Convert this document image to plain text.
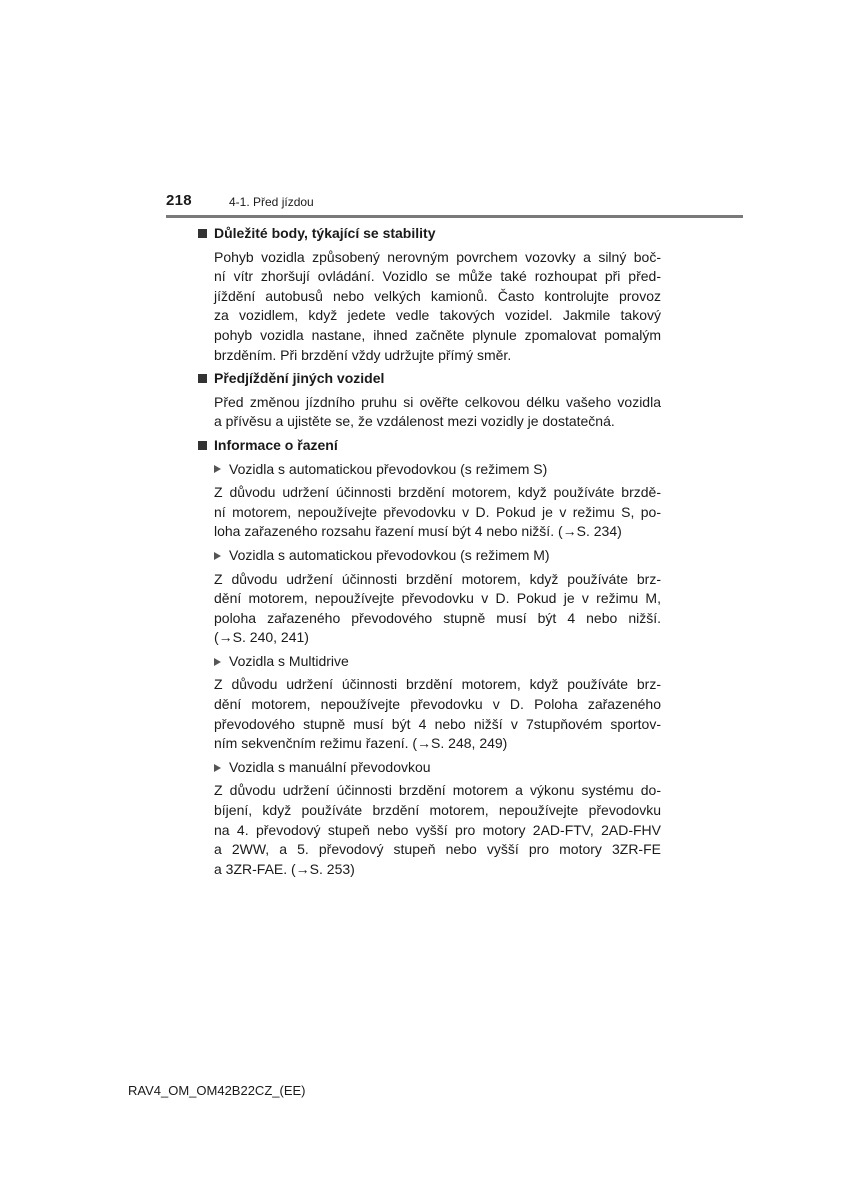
218	4-1. Před jízdou
Důležité body, týkající se stability
Pohyb vozidla způsobený nerovným povrchem vozovky a silný boč-
ní vítr zhoršují ovládání. Vozidlo se může také rozhoupat při před-
jíždění autobusů nebo velkých kamionů. Často kontrolujte provoz
za vozidlem, když jedete vedle takových vozidel. Jakmile takový
pohyb vozidla nastane, ihned začněte plynule zpomalovat pomalým
brzděním. Při brzdění vždy udržujte přímý směr.
Předjíždění jiných vozidel
Před změnou jízdního pruhu si ověřte celkovou délku vašeho vozidla
a přívěsu a ujistěte se, že vzdálenost mezi vozidly je dostatečná.
Informace o řazení
Vozidla s automatickou převodovkou (s režimem S)
Z důvodu udržení účinnosti brzdění motorem, když používáte brzdě-
ní motorem, nepoužívejte převodovku v D. Pokud je v režimu S, po-
loha zařazeného rozsahu řazení musí být 4 nebo nižší. (→S. 234)
Vozidla s automatickou převodovkou (s režimem M)
Z důvodu udržení účinnosti brzdění motorem, když používáte brz-
dění motorem, nepoužívejte převodovku v D. Pokud je v režimu M,
poloha zařazeného převodového stupně musí být 4 nebo nižší.
(→S. 240, 241)
Vozidla s Multidrive
Z důvodu udržení účinnosti brzdění motorem, když používáte brz-
dění motorem, nepoužívejte převodovku v D. Poloha zařazeného
převodového stupně musí být 4 nebo nižší v 7stupňovém sportov-
ním sekvenčním režimu řazení. (→S. 248, 249)
Vozidla s manuální převodovkou
Z důvodu udržení účinnosti brzdění motorem a výkonu systému do-
bíjení, když používáte brzdění motorem, nepoužívejte převodovku
na 4. převodový stupeň nebo vyšší pro motory 2AD-FTV, 2AD-FHV
a 2WW, a 5. převodový stupeň nebo vyšší pro motory 3ZR-FE
a 3ZR-FAE. (→S. 253)
RAV4_OM_OM42B22CZ_(EE)
